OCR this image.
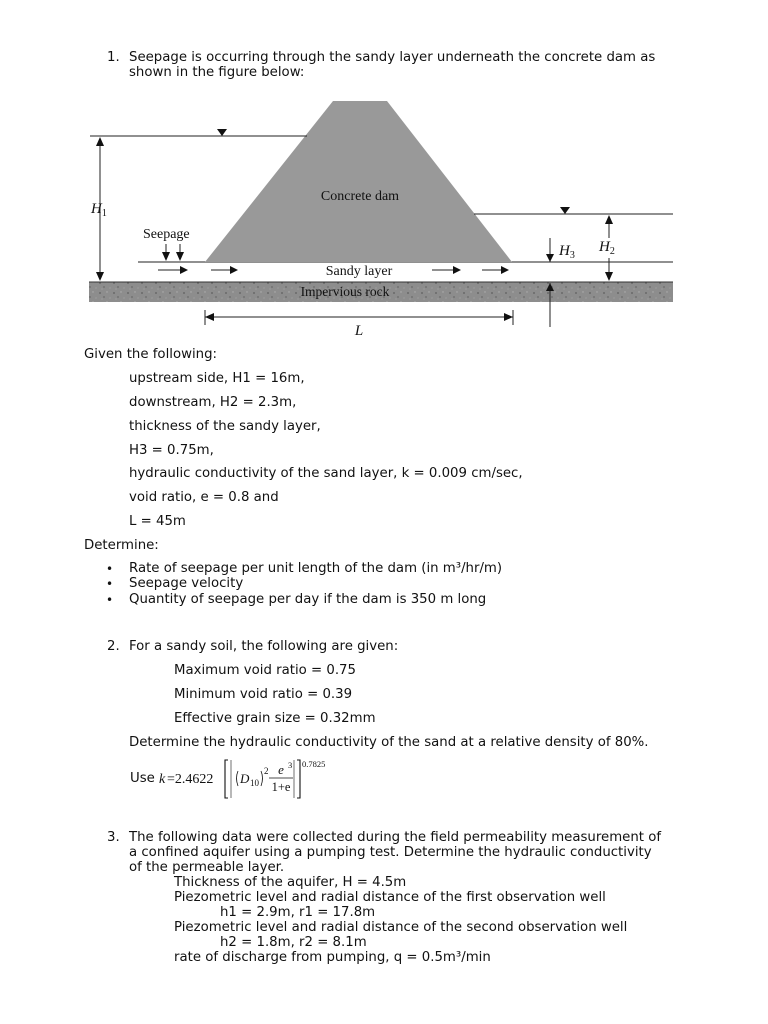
1. Seepage is occurring through the sandy layer underneath the concrete dam as
shown in the figure below:
Impervious rock
Concrete dam
$H_1$
Seepage
Sandy layer
$H_3$
$H_2$
L
Given the following:
upstream side, H1 = 16m,
downstream, H2 = 2.3m,
thickness of the sandy layer,
H3 = 0.75m,
hydraulic conductivity of the sand layer, k = 0.009 cm/sec,
void ratio, e = 0.8 and
L = 45m
Determine:
• Rate of seepage per unit length of the dam (in m³/hr/m)
• Seepage velocity
• Quantity of seepage per day if the dam is 350 m long
2. For a sandy soil, the following are given:
Maximum void ratio = 0.75
Minimum void ratio = 0.39
Effective grain size = 0.32mm
Determine the hydraulic conductivity of the sand at a relative density of 80%.
Use k =2.4622 D 10
2 e 3
1+e
0.7825
3. The following data were collected during the field permeability measurement of
a confined aquifer using a pumping test. Determine the hydraulic conductivity
of the permeable layer.
Thickness of the aquifer, H = 4.5m
Piezometric level and radial distance of the first observation well
h1 = 2.9m, r1 = 17.8m
Piezometric level and radial distance of the second observation well
h2 = 1.8m, r2 = 8.1m
rate of discharge from pumping, q = 0.5m³/min
